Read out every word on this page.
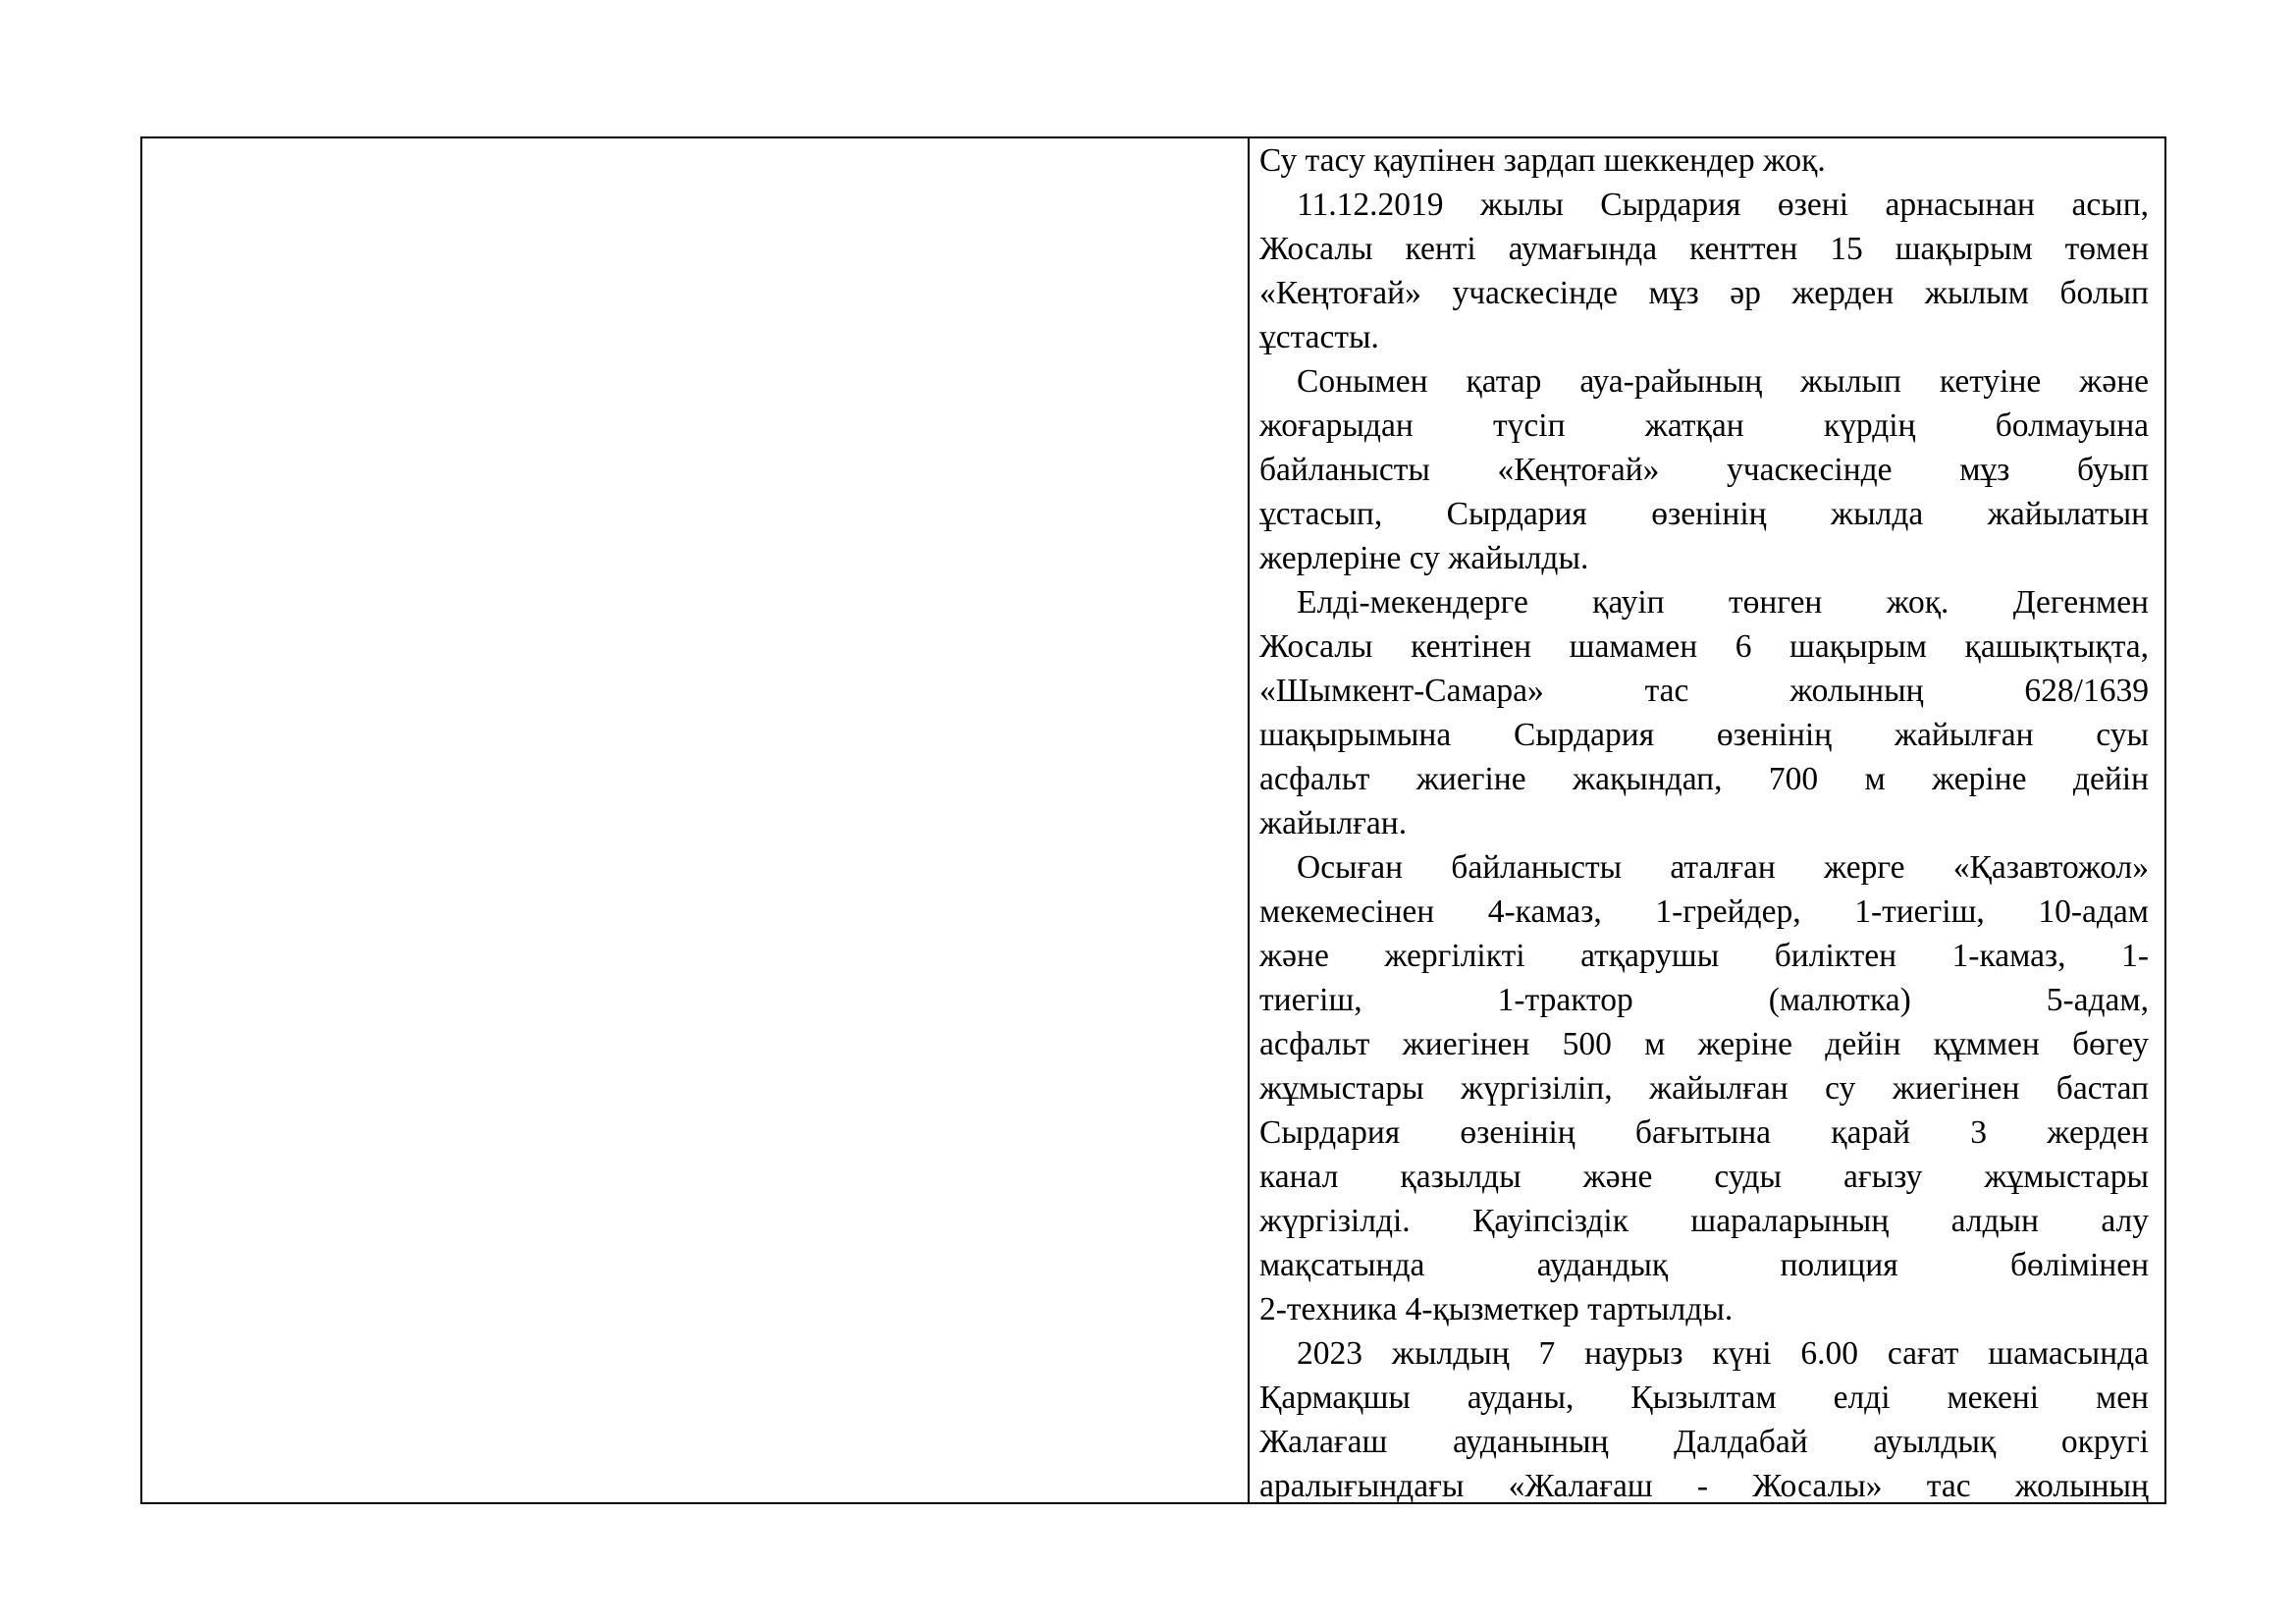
Су тасу қаупінен зардап шеккендер жоқ.
11.12.2019 жылы Сырдария өзені арнасынан асып,
Жосалы кенті аумағында кенттен 15 шақырым төмен
«Кеңтоғай» учаскесінде мұз әр жерден жылым болып
ұстасты.
Сонымен қатар ауа-райының жылып кетуіне және
жоғарыдан түсіп жатқан күрдің болмауына
байланысты «Кеңтоғай» учаскесінде мұз буып
ұстасып, Сырдария өзенінің жылда жайылатын
жерлеріне су жайылды.
Елді-мекендерге қауіп төнген жоқ. Дегенмен
Жосалы кентінен шамамен 6 шақырым қашықтықта,
«Шымкент-Самара» тас жолының 628/1639
шақырымына Сырдария өзенінің жайылған суы
асфальт жиегіне жақындап, 700 м жеріне дейін
жайылған.
Осыған байланысты аталған жерге «Қазавтожол»
мекемесінен 4-камаз, 1-грейдер, 1-тиегіш, 10-адам
және жергілікті атқарушы биліктен 1-камаз, 1-
тиегіш, 1-трактор (малютка) 5-адам,
асфальт жиегінен 500 м жеріне дейін құммен бөгеу
жұмыстары жүргізіліп, жайылған су жиегінен бастап
Сырдария өзенінің бағытына қарай 3 жерден
канал қазылды және суды ағызу жұмыстары
жүргізілді. Қауіпсіздік шараларының алдын алу
мақсатында аудандық полиция бөлімінен
2-техника 4-қызметкер тартылды.
2023 жылдың 7 наурыз күні 6.00 сағат шамасында
Қармақшы ауданы, Қызылтам елді мекені мен
Жалағаш ауданының Далдабай ауылдық округі
аралығындағы «Жалағаш - Жосалы» тас жолының
